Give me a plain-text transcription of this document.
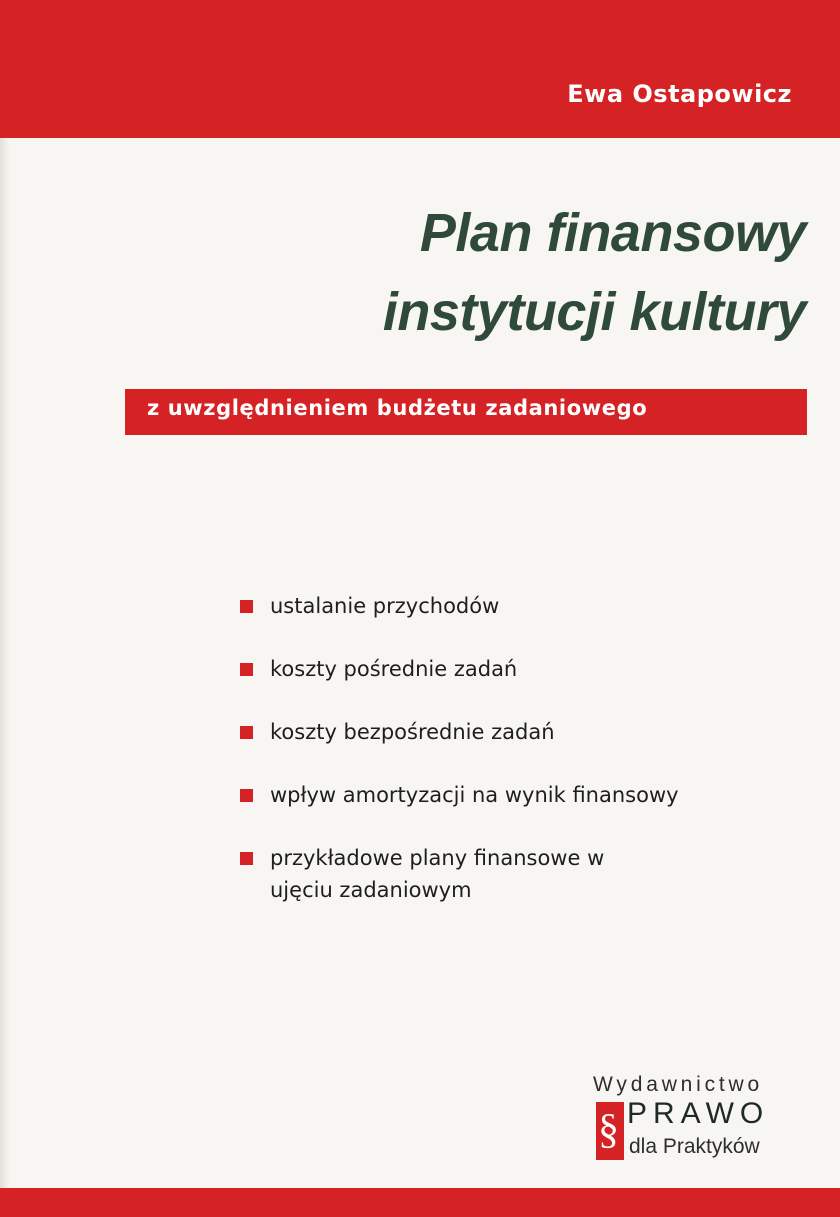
Ewa Ostapowicz
Plan finansowy
instytucji kultury
z uwzględnieniem budżetu zadaniowego
ustalanie przychodów
koszty pośrednie zadań
koszty bezpośrednie zadań
wpływ amortyzacji na wynik finansowy
przykładowe plany finansowe w ujęciu zadaniowym
Wydawnictwo
§ PRAWO
dla Praktyków
